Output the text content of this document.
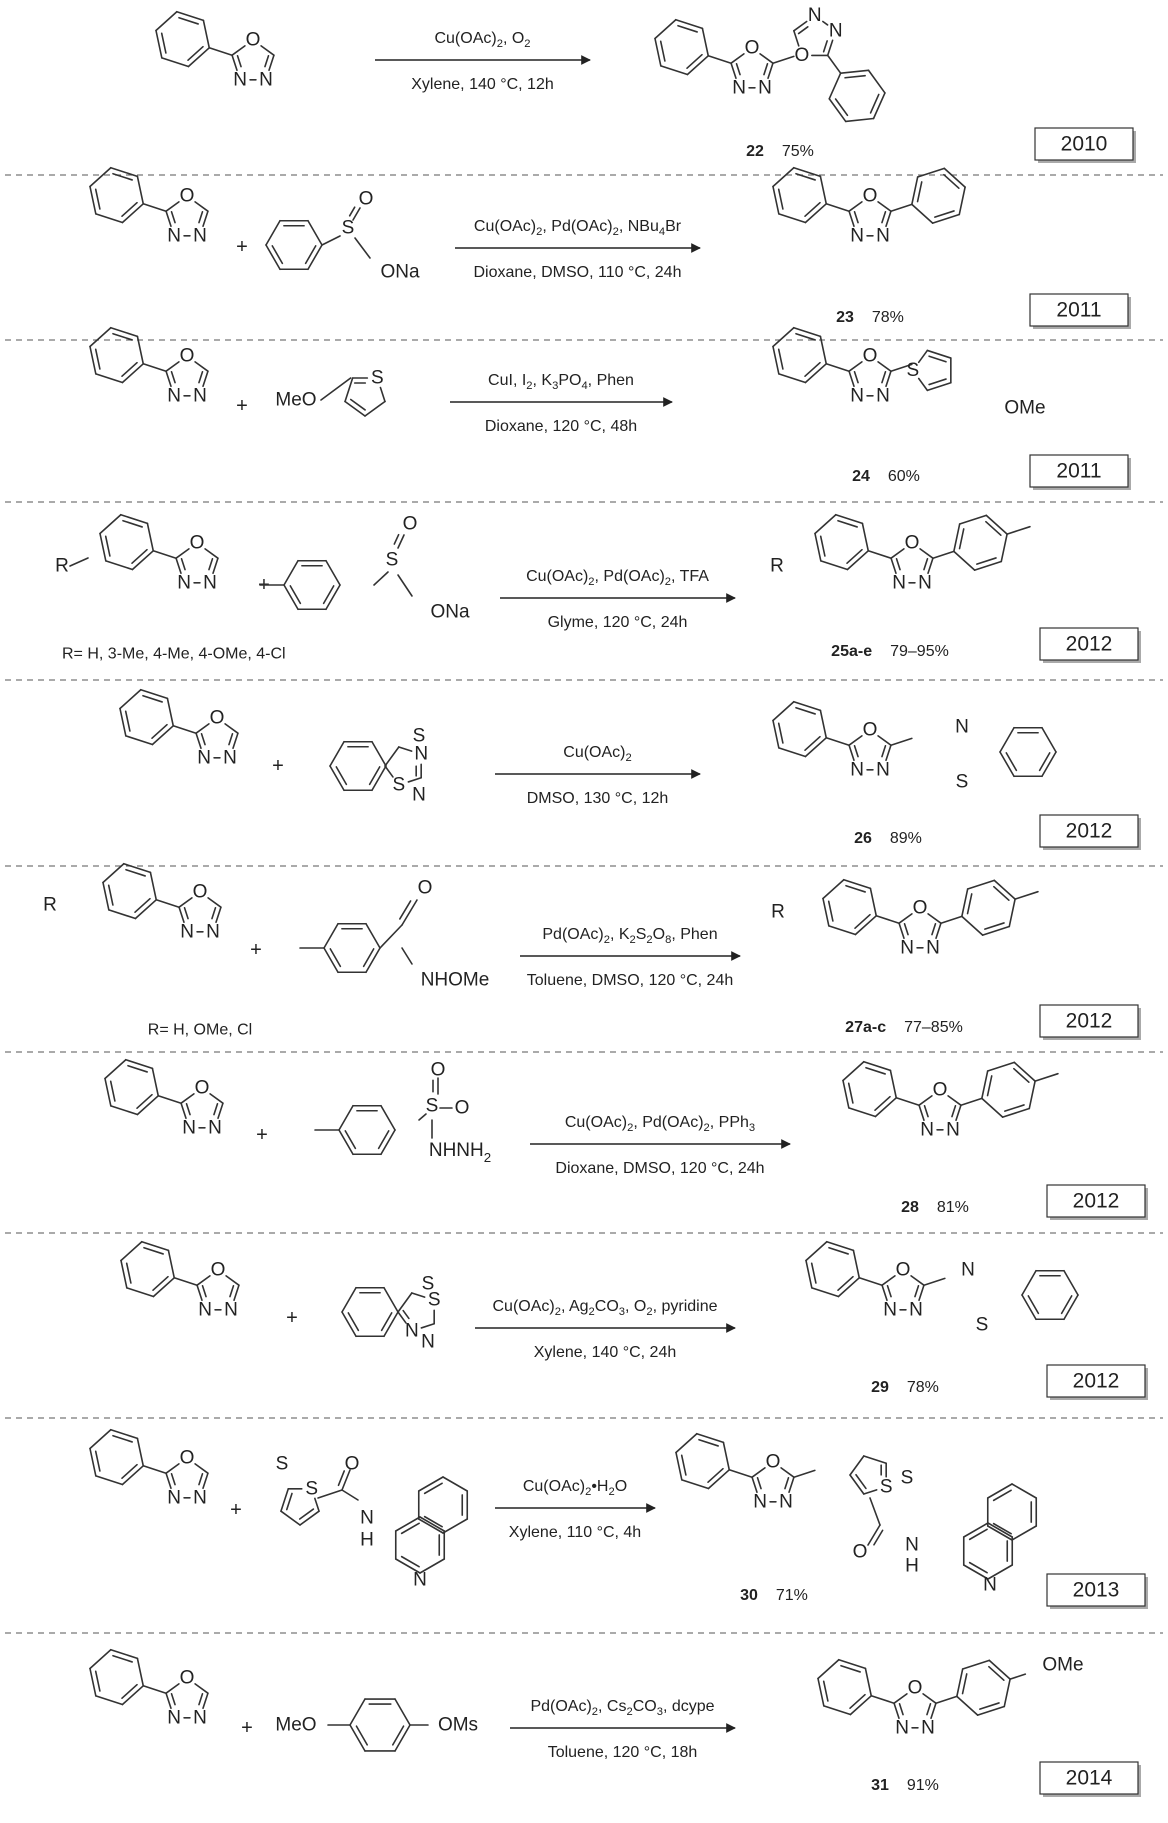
O
N
N
$Cu(OAc)_2$, $O_2$
Xylene, 140 °C, 12h
O
N
N
O
N
N
22 75%	2010
O
N
N
+
S
O
ONa
$Cu(OAc)_2$, $Pd(OAc)_2$, NBu$_4$Br
Dioxane, DMSO, 110 °C, 24h
O
N
N
23 78%	2011
O
N
N	+ MeO
S	CuI, $I_2$, $K_3PO_4$, Phen
Dioxane, 120 °C, 48h
O
N
N
S
OMe
24 60%	2011
O
N
N
R
+
S
O
ONa
R= H, 3-Me, 4-Me, 4-OMe, 4-Cl
$Cu(OAc)_2$, $Pd(OAc)_2$, TFA
Glyme, 120 °C, 24h
O
N
N
R
25a-e 79–95%	2012
O
N
N	+
N
S
S
N
$Cu(OAc)_2$
DMSO, 130 °C, 12h
O
N
N
N
S
26 89%	2012
O
N
N
R
+
O
NHOMe
R= H, OMe, Cl
$Pd(OAc)_2$, $K_2S_2O_8$, Phen
Toluene, DMSO, 120 °C, 24h
O
N
N
R
27a-c 77–85%	2012
O
N
N	+
S
O
O
$NHNH_2$
$Cu(OAc)_2$, $Pd(OAc)_2$, PPh$_3$
Dioxane, DMSO, 120 °C, 24h
O
N
N
28 81%	2012
O
N
N	+
S
N
S
N
$Cu(OAc)_2$, $Ag_2CO_3$, $O_2$, pyridine
Xylene, 140 °C, 24h
O
N
N
N
S
29 78%	2012
O
N
N
+
S
S	O
N
H
N
$Cu(OAc)_2•H_2O$
Xylene, 110 °C, 4h
O
N
N
S S
O N
H
N
30 71%	2013
O
N
N	+ MeO	OMs
$Pd(OAc)_2$, $Cs_2CO_3$, dcype
Toluene, 120 °C, 18h
O
N
N
OMe
31 91%	2014
